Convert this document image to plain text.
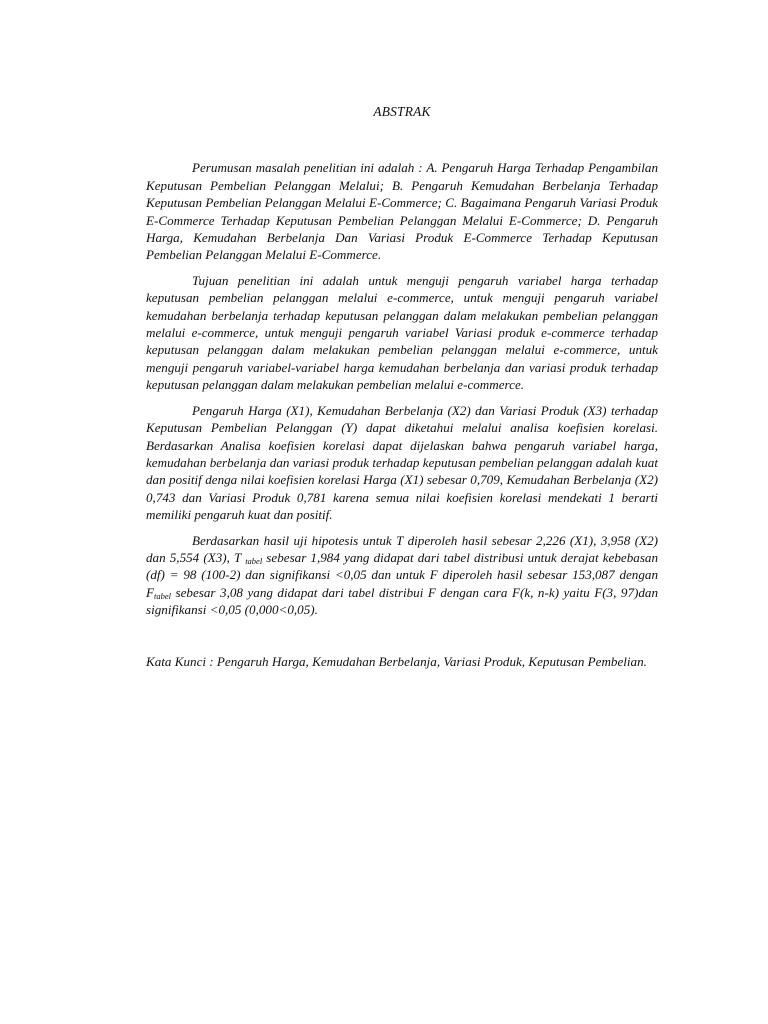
ABSTRAK

Perumusan masalah penelitian ini adalah : A. Pengaruh Harga Terhadap Pengambilan Keputusan Pembelian Pelanggan Melalui; B. Pengaruh Kemudahan Berbelanja Terhadap Keputusan Pembelian Pelanggan Melalui E-Commerce; C. Bagaimana Pengaruh Variasi Produk E-Commerce Terhadap Keputusan Pembelian Pelanggan Melalui E-Commerce; D. Pengaruh Harga, Kemudahan Berbelanja Dan Variasi Produk E-Commerce Terhadap Keputusan Pembelian Pelanggan Melalui E-Commerce.

Tujuan penelitian ini adalah untuk menguji pengaruh variabel harga terhadap keputusan pembelian pelanggan melalui e-commerce, untuk menguji pengaruh variabel kemudahan berbelanja terhadap keputusan pelanggan dalam melakukan pembelian pelanggan melalui e-commerce, untuk menguji pengaruh variabel Variasi produk e-commerce terhadap keputusan pelanggan dalam melakukan pembelian pelanggan melalui e-commerce, untuk menguji pengaruh variabel-variabel harga kemudahan berbelanja dan variasi produk terhadap keputusan pelanggan dalam melakukan pembelian melalui e-commerce.

Pengaruh Harga (X1), Kemudahan Berbelanja (X2) dan Variasi Produk (X3) terhadap Keputusan Pembelian Pelanggan (Y) dapat diketahui melalui analisa koefisien korelasi. Berdasarkan Analisa koefisien korelasi dapat dijelaskan bahwa pengaruh variabel harga, kemudahan berbelanja dan variasi produk terhadap keputusan pembelian pelanggan adalah kuat dan positif denga nilai koefisien korelasi Harga (X1) sebesar 0,709, Kemudahan Berbelanja (X2) 0,743 dan Variasi Produk 0,781 karena semua nilai koefisien korelasi mendekati 1 berarti memiliki pengaruh kuat dan positif.

Berdasarkan hasil uji hipotesis untuk T diperoleh hasil sebesar 2,226 (X1), 3,958 (X2) dan 5,554 (X3), T $_{tabel}$ sebesar 1,984 yang didapat dari tabel distribusi untuk derajat kebebasan (df) = 98 (100-2) dan signifikansi <0,05 dan untuk F diperoleh hasil sebesar 153,087 dengan $F_{tabel}$ sebesar 3,08 yang didapat dari tabel distribui F dengan cara F(k, n-k) yaitu F(3, 97)dan signifikansi <0,05 (0,000<0,05).

Kata Kunci : Pengaruh Harga, Kemudahan Berbelanja, Variasi Produk, Keputusan Pembelian.
